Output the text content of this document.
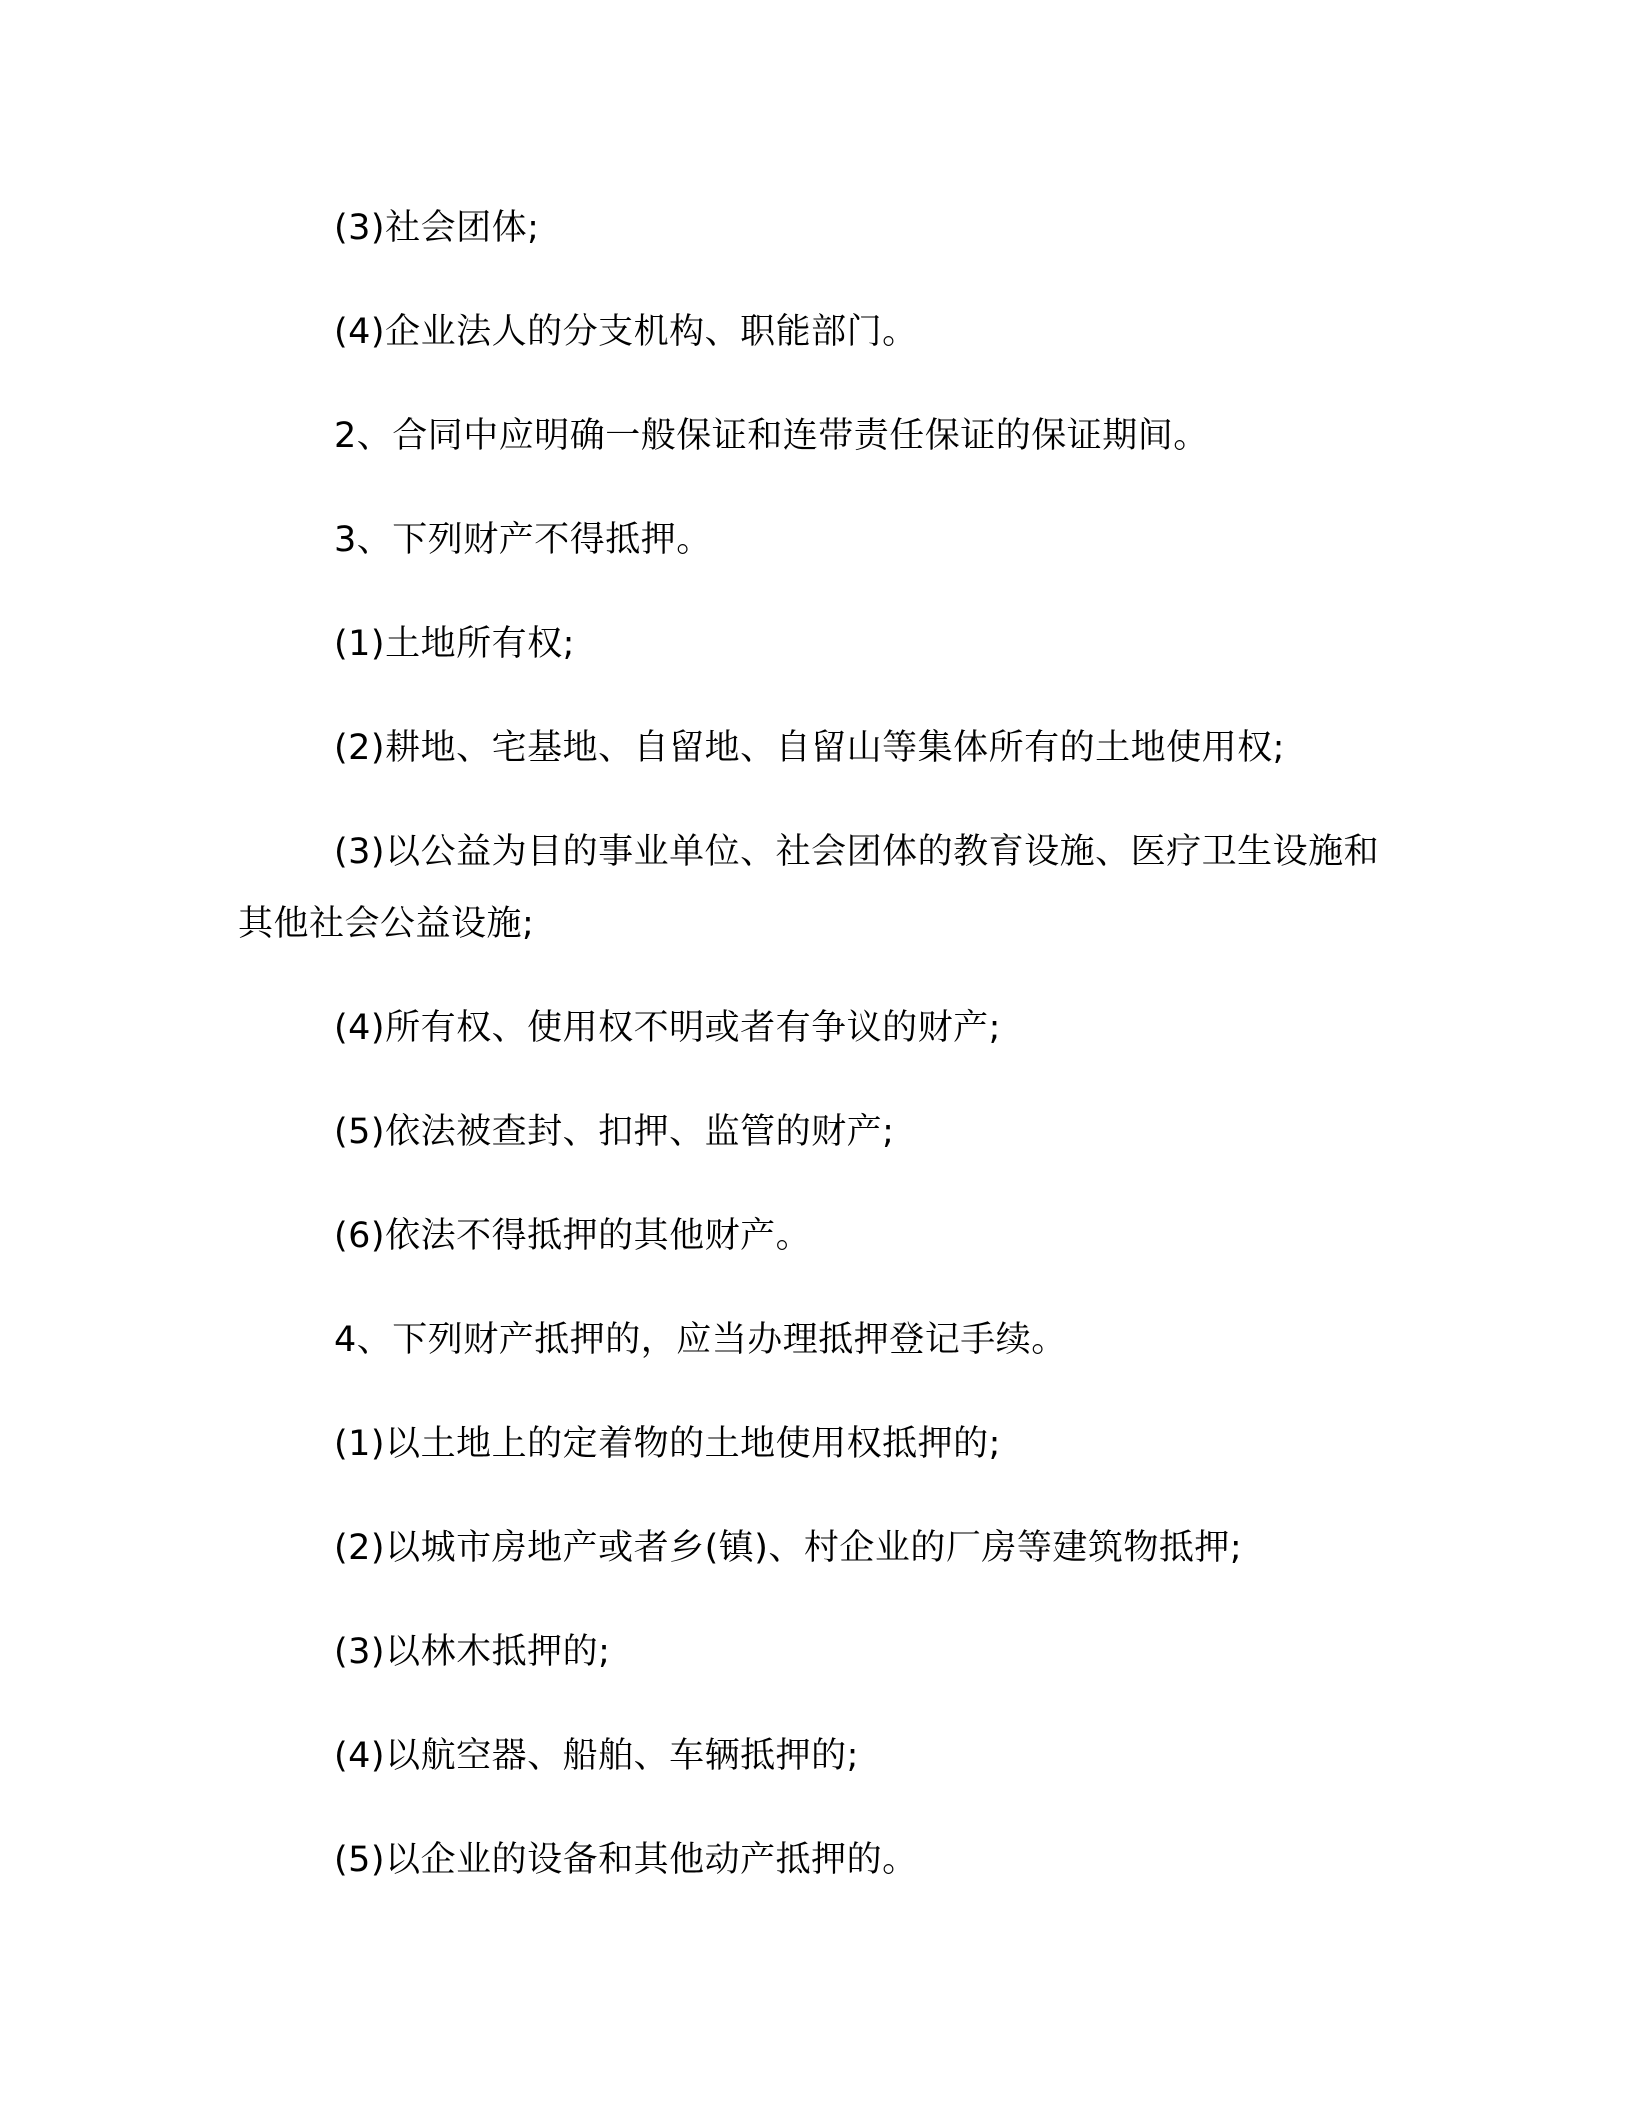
(3)社会团体;

(4)企业法人的分支机构、职能部门。

2、合同中应明确一般保证和连带责任保证的保证期间。

3、下列财产不得抵押。

(1)土地所有权;

(2)耕地、宅基地、自留地、自留山等集体所有的土地使用权;

(3)以公益为目的事业单位、社会团体的教育设施、医疗卫生设施和其他社会公益设施;

(4)所有权、使用权不明或者有争议的财产;

(5)依法被查封、扣押、监管的财产;

(6)依法不得抵押的其他财产。

4、下列财产抵押的，应当办理抵押登记手续。

(1)以土地上的定着物的土地使用权抵押的;

(2)以城市房地产或者乡(镇)、村企业的厂房等建筑物抵押;

(3)以林木抵押的;

(4)以航空器、船舶、车辆抵押的;

(5)以企业的设备和其他动产抵押的。
